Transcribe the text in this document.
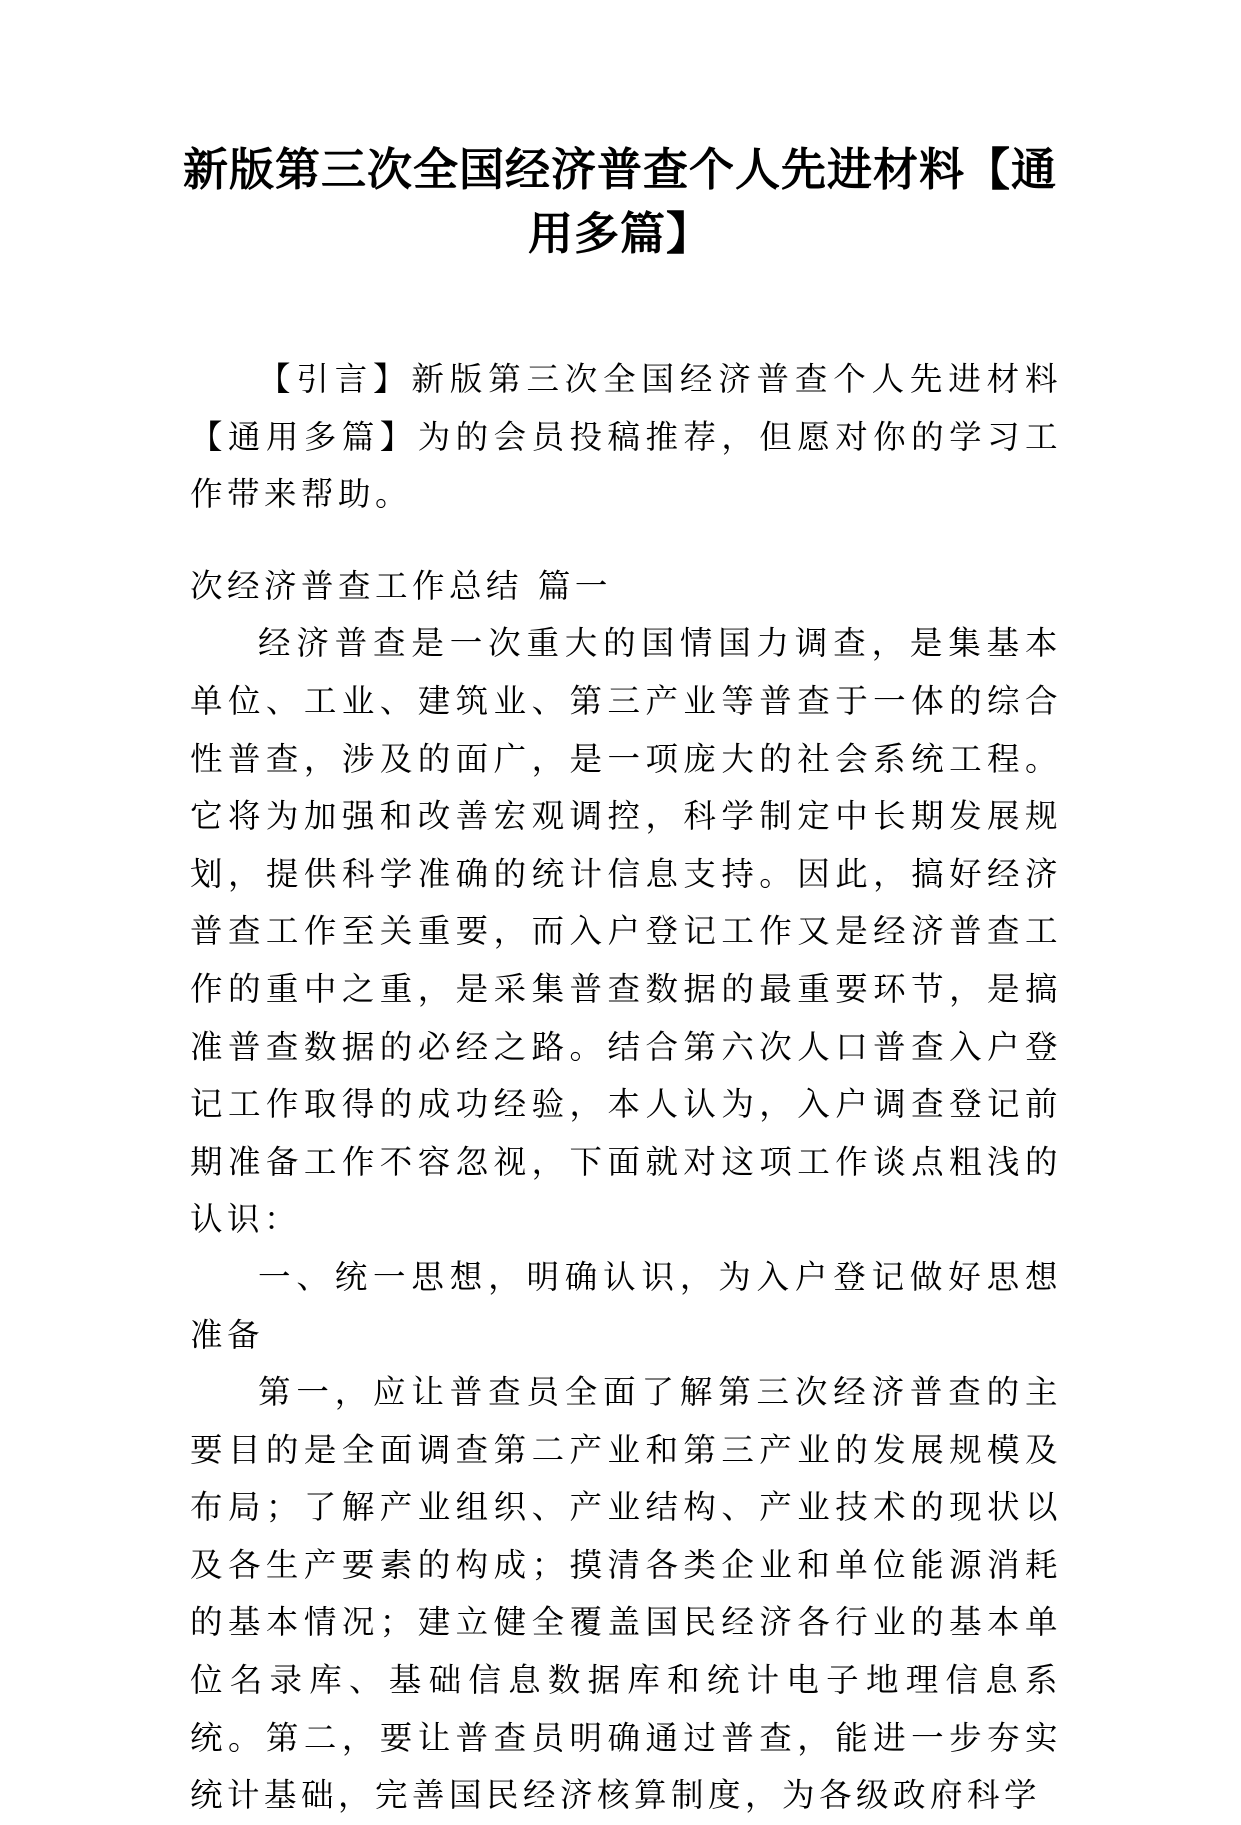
新版第三次全国经济普查个人先进材料【通用多篇】

【引言】新版第三次全国经济普查个人先进材料【通用多篇】为的会员投稿推荐，但愿对你的学习工作带来帮助。

次经济普查工作总结 篇一

经济普查是一次重大的国情国力调查，是集基本单位、工业、建筑业、第三产业等普查于一体的综合性普查，涉及的面广，是一项庞大的社会系统工程。它将为加强和改善宏观调控，科学制定中长期发展规划，提供科学准确的统计信息支持。因此，搞好经济普查工作至关重要，而入户登记工作又是经济普查工作的重中之重，是采集普查数据的最重要环节，是搞准普查数据的必经之路。结合第六次人口普查入户登记工作取得的成功经验，本人认为，入户调查登记前期准备工作不容忽视，下面就对这项工作谈点粗浅的认识：

一、统一思想，明确认识，为入户登记做好思想准备

第一，应让普查员全面了解第三次经济普查的主要目的是全面调查第二产业和第三产业的发展规模及布局；了解产业组织、产业结构、产业技术的现状以及各生产要素的构成；摸清各类企业和单位能源消耗的基本情况；建立健全覆盖国民经济各行业的基本单位名录库、基础信息数据库和统计电子地理信息系统。第二，要让普查员明确通过普查，能进一步夯实统计基础，完善国民经济核算制度，为各级政府科学
